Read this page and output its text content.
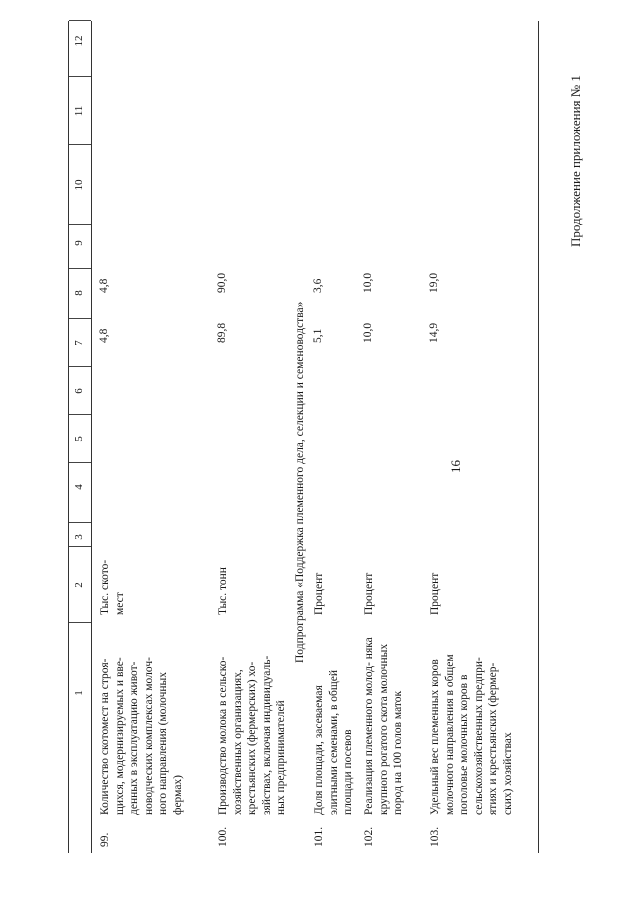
16
Продолжение приложения № 1
1
2
3
4
5
6
7
8
9
10
11
12
99.
Количество скотомест на строя- щихся, модернизируемых и вве- денных в эксплуатацию живот- новодческих комплексах молоч- ного направления (молочных фермах)
Тыс. ското- мест
4,8
4,8
100.
Производство молока в сельско- хозяйственных организациях, крестьянских (фермерских) хо- зяйствах, включая индивидуаль- ных предпринимателей
Тыс. тонн
89,8
90,0
Подпрограмма «Поддержка племенного дела, селекции и семеноводства»
101.
Доля площади, засеваемая элитными семенами, в общей площади посевов
Процент
5,1
3,6
102.
Реализация племенного молод- няка крупного рогатого скота молочных пород на 100 голов маток
Процент
10,0
10,0
103.
Удельный вес племенных коров молочного направления в общем поголовье молочных коров в сельскохозяйственных предпри- ятиях и крестьянских (фермер- ских) хозяйствах
Процент
14,9
19,0
